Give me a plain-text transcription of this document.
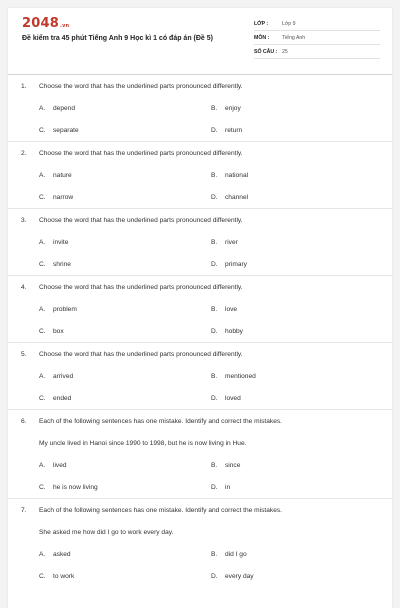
2048.vn
Đề kiểm tra 45 phút Tiếng Anh 9 Học kì 1 có đáp án (Đề 5)
LỚP :	Lớp 9
MÔN :	Tiếng Anh
SỐ CÂU : 25
1.	Choose the word that has the underlined parts pronounced differently.
A.	depend	B.	enjoy
C.	separate	D.	return
2.	Choose the word that has the underlined parts pronounced differently.
A.	nature	B.	national
C.	narrow	D.	channel
3.	Choose the word that has the underlined parts pronounced differently.
A.	invite	B.	river
C.	shrine	D.	primary
4.	Choose the word that has the underlined parts pronounced differently.
A.	problem	B.	love
C.	box	D.	hobby
5.	Choose the word that has the underlined parts pronounced differently.
A.	arrived	B.	mentioned
C.	ended	D.	loved
6.	Each of the following sentences has one mistake. Identify and correct the mistakes.
My uncle lived in Hanoi since 1990 to 1998, but he is now living in Hue.
A.	lived	B.	since
C.	he is now living	D.	in
7.	Each of the following sentences has one mistake. Identify and correct the mistakes.
She asked me how did I go to work every day.
A.	asked	B.	did I go
C.	to work	D.	every day
